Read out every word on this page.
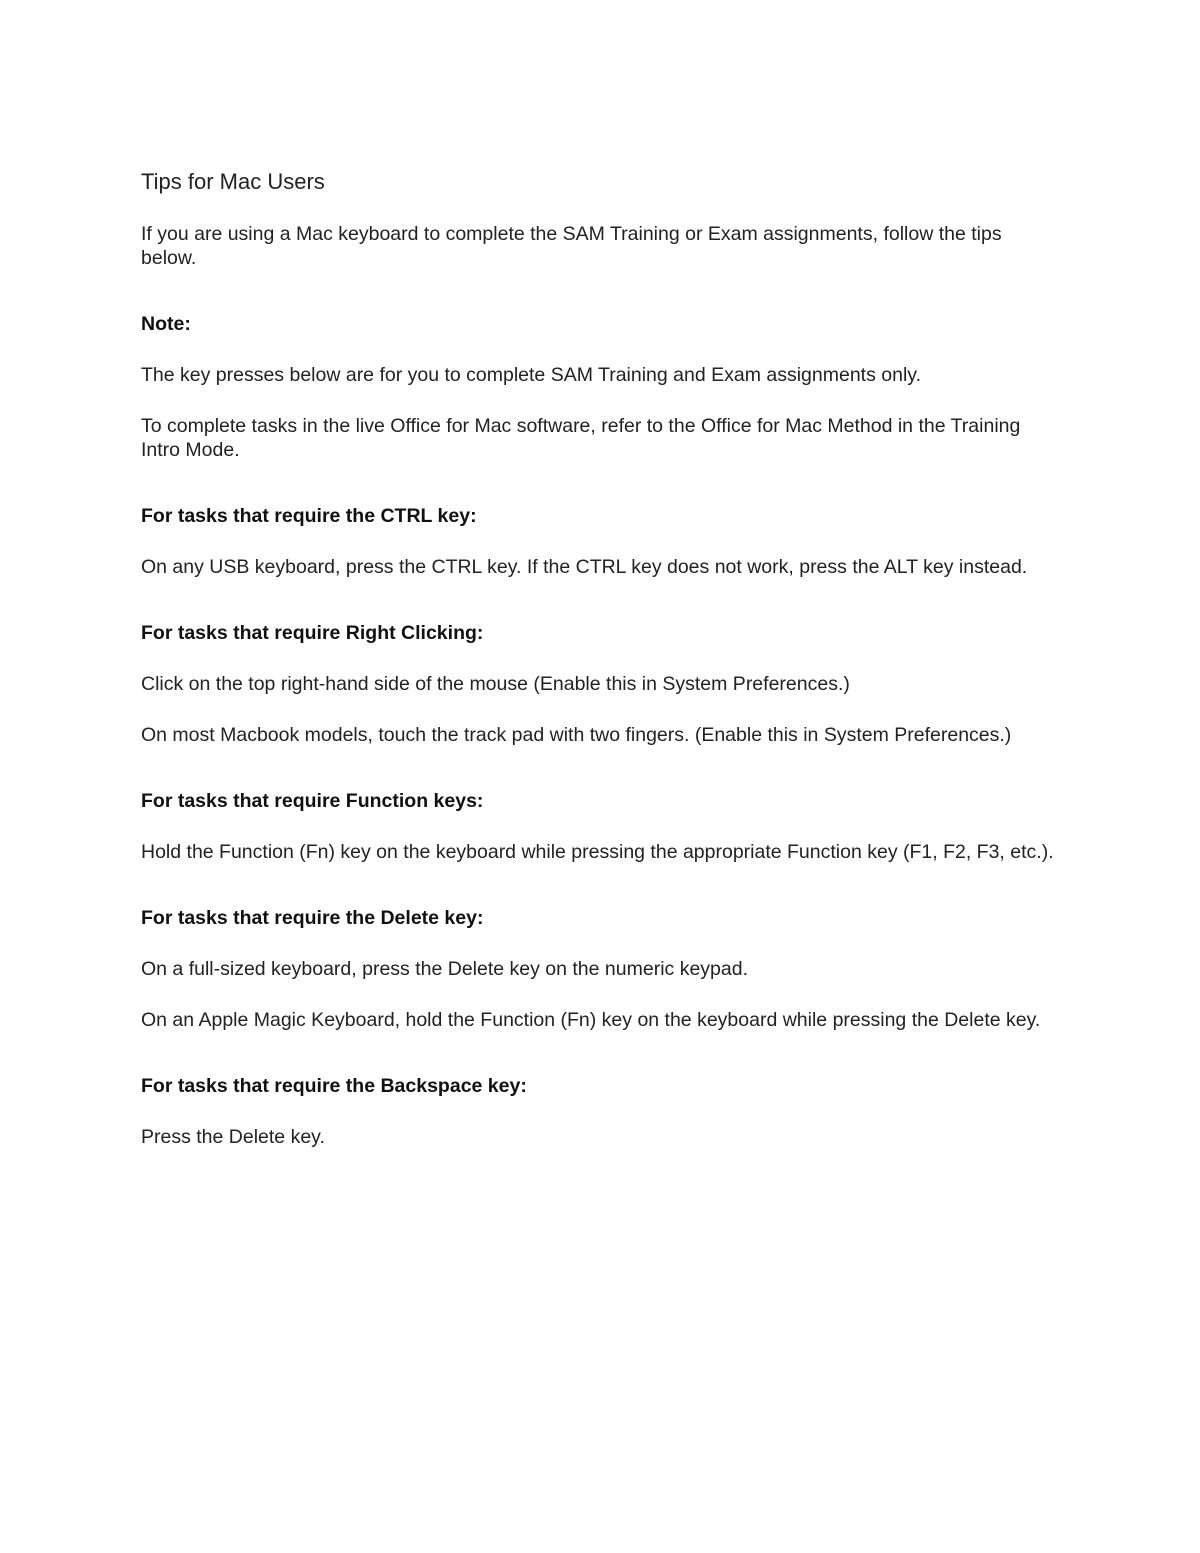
Tips for Mac Users
If you are using a Mac keyboard to complete the SAM Training or Exam assignments, follow the tips below.
Note:
The key presses below are for you to complete SAM Training and Exam assignments only.
To complete tasks in the live Office for Mac software, refer to the Office for Mac Method in the Training Intro Mode.
For tasks that require the CTRL key:
On any USB keyboard, press the CTRL key. If the CTRL key does not work, press the ALT key instead.
For tasks that require Right Clicking:
Click on the top right-hand side of the mouse (Enable this in System Preferences.)
On most Macbook models, touch the track pad with two fingers. (Enable this in System Preferences.)
For tasks that require Function keys:
Hold the Function (Fn) key on the keyboard while pressing the appropriate Function key (F1, F2, F3, etc.).
For tasks that require the Delete key:
On a full-sized keyboard, press the Delete key on the numeric keypad.
On an Apple Magic Keyboard, hold the Function (Fn) key on the keyboard while pressing the Delete key.
For tasks that require the Backspace key:
Press the Delete key.
